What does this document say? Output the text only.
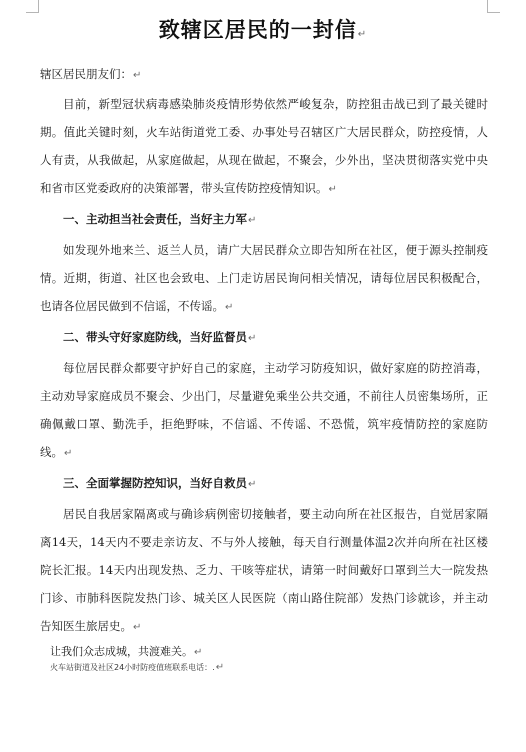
致辖区居民的一封信↵

辖区居民朋友们：↵

目前，新型冠状病毒感染肺炎疫情形势依然严峻复杂，防控狙击战已到了最关键时期。值此关键时刻，火车站街道党工委、办事处号召辖区广大居民群众，防控疫情，人人有责，从我做起，从家庭做起，从现在做起，不聚会，少外出，坚决贯彻落实党中央和省市区党委政府的决策部署，带头宣传防控疫情知识。↵

一、主动担当社会责任，当好主力军↵

如发现外地来兰、返兰人员，请广大居民群众立即告知所在社区，便于源头控制疫情。近期，街道、社区也会致电、上门走访居民询问相关情况，请每位居民积极配合，也请各位居民做到不信谣，不传谣。↵

二、带头守好家庭防线，当好监督员↵

每位居民群众都要守护好自己的家庭，主动学习防疫知识，做好家庭的防控消毒，主动劝导家庭成员不聚会、少出门，尽量避免乘坐公共交通，不前往人员密集场所，正确佩戴口罩、勤洗手，拒绝野味，不信谣、不传谣、不恐慌，筑牢疫情防控的家庭防线。↵

三、全面掌握防控知识，当好自救员↵

居民自我居家隔离或与确诊病例密切接触者，要主动向所在社区报告，自觉居家隔离14天，14天内不要走亲访友、不与外人接触，每天自行测量体温2次并向所在社区楼院长汇报。14天内出现发热、乏力、干咳等症状，请第一时间戴好口罩到兰大一院发热门诊、市肺科医院发热门诊、城关区人民医院（南山路住院部）发热门诊就诊，并主动告知医生旅居史。↵

让我们众志成城，共渡难关。↵

火车站街道及社区24小时防疫值班联系电话：.↵
